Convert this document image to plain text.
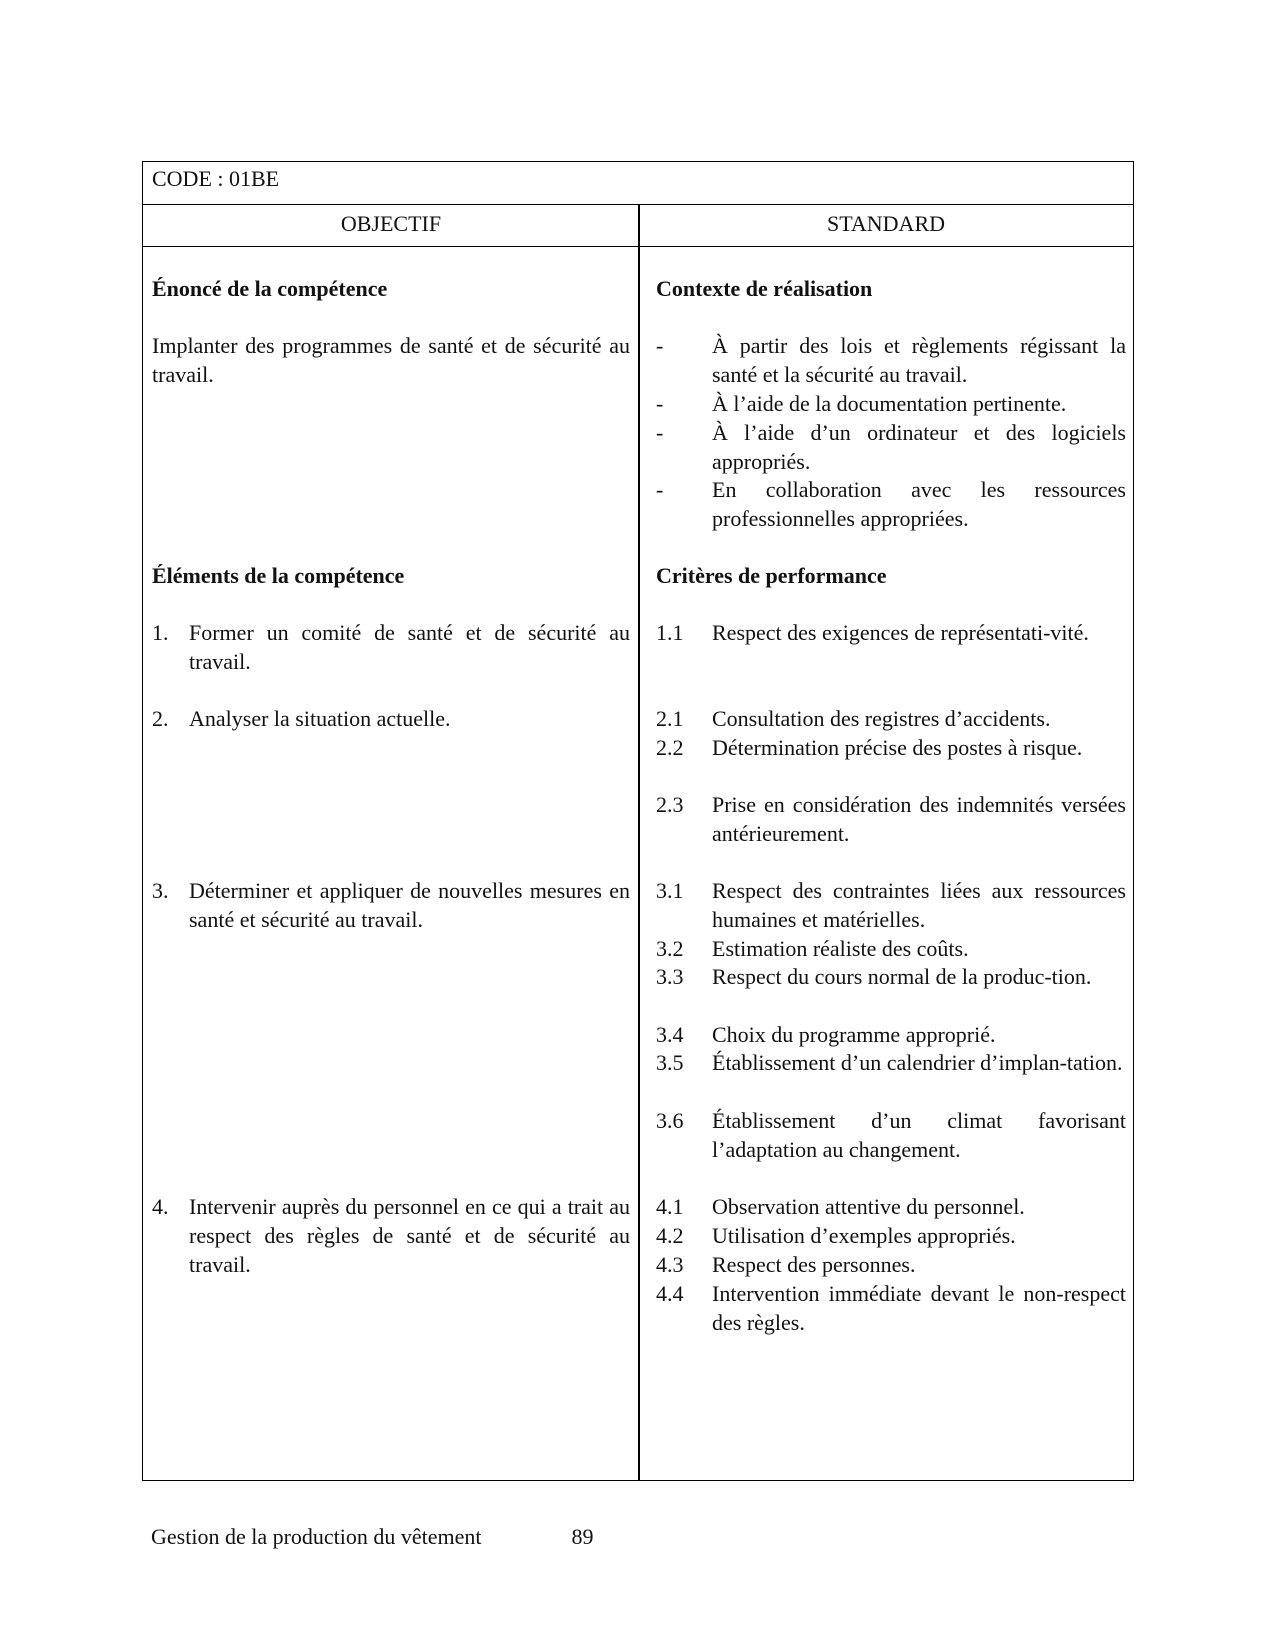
CODE : 01BE
OBJECTIF	STANDARD
Énoncé de la compétence
Implanter des programmes de santé et de sécurité au travail.
Éléments de la compétence
1. Former un comité de santé et de sécurité au travail.
2. Analyser la situation actuelle.
3. Déterminer et appliquer de nouvelles mesures en santé et sécurité au travail.
4. Intervenir auprès du personnel en ce qui a trait au respect des règles de santé et de sécurité au travail.
Contexte de réalisation
- À partir des lois et règlements régissant la santé et la sécurité au travail.
- À l’aide de la documentation pertinente.
- À l’aide d’un ordinateur et des logiciels appropriés.
- En collaboration avec les ressources professionnelles appropriées.
Critères de performance
1.1 Respect des exigences de représentati-vité.
2.1 Consultation des registres d’accidents.
2.2 Détermination précise des postes à risque.
2.3 Prise en considération des indemnités versées antérieurement.
3.1 Respect des contraintes liées aux ressources humaines et matérielles.
3.2 Estimation réaliste des coûts.
3.3 Respect du cours normal de la produc-tion.
3.4 Choix du programme approprié.
3.5 Établissement d’un calendrier d’implan-tation.
3.6 Établissement d’un climat favorisant l’adaptation au changement.
4.1 Observation attentive du personnel.
4.2 Utilisation d’exemples appropriés.
4.3 Respect des personnes.
4.4 Intervention immédiate devant le non-respect des règles.
Gestion de la production du vêtement	89
